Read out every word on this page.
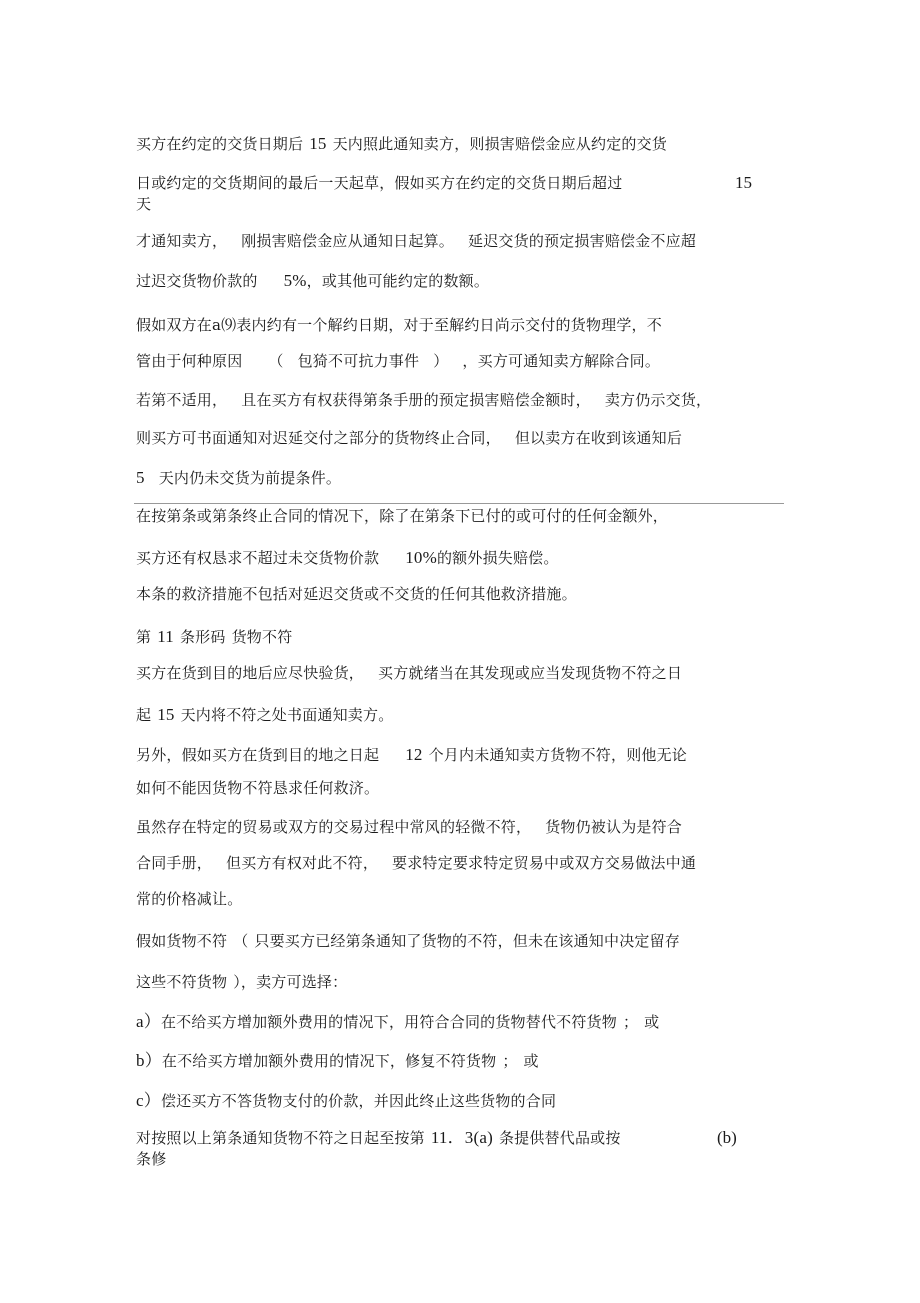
买方在约定的交货日期后 15 天内照此通知卖方，则损害赔偿金应从约定的交货
日或约定的交货期间的最后一天起草，假如买方在约定的交货日期后超过	15
天
才通知卖方， 刚损害赔偿金应从通知日起算。 延迟交货的预定损害赔偿金不应超
过迟交货物价款的 5%，或其他可能约定的数额。
假如双方在a⑼表内约有一个解约日期，对于至解约日尚示交付的货物理学，不
管由于何种原因 （ 包猗不可抗力事件 ） ，买方可通知卖方解除合同。
若第不适用， 且在买方有权获得第条手册的预定损害赔偿金额时， 卖方仍示交货，
则买方可书面通知对迟延交付之部分的货物终止合同， 但以卖方在收到该通知后
5 天内仍未交货为前提条件。
在按第条或第条终止合同的情况下，除了在第条下已付的或可付的任何金额外，
买方还有权恳求不超过未交货物价款 10%的额外损失赔偿。
本条的救济措施不包括对延迟交货或不交货的任何其他救济措施。
第 11 条形码 货物不符
买方在货到目的地后应尽快验货， 买方就绪当在其发现或应当发现货物不符之日
起 15 天内将不符之处书面通知卖方。
另外，假如买方在货到目的地之日起 12 个月内未通知卖方货物不符，则他无论
如何不能因货物不符恳求任何救济。
虽然存在特定的贸易或双方的交易过程中常风的轻微不符， 货物仍被认为是符合
合同手册， 但买方有权对此不符， 要求特定要求特定贸易中或双方交易做法中通
常的价格减让。
假如货物不符 （ 只要买方已经第条通知了货物的不符，但未在该通知中决定留存
这些不符货物 ），卖方可选择：
a）在不给买方增加额外费用的情况下，用符合合同的货物替代不符货物 ； 或
b）在不给买方增加额外费用的情况下，修复不符货物 ； 或
c）偿还买方不答货物支付的价款，并因此终止这些货物的合同
对按照以上第条通知货物不符之日起至按第 11．3(a) 条提供替代品或按	(b)
条修
